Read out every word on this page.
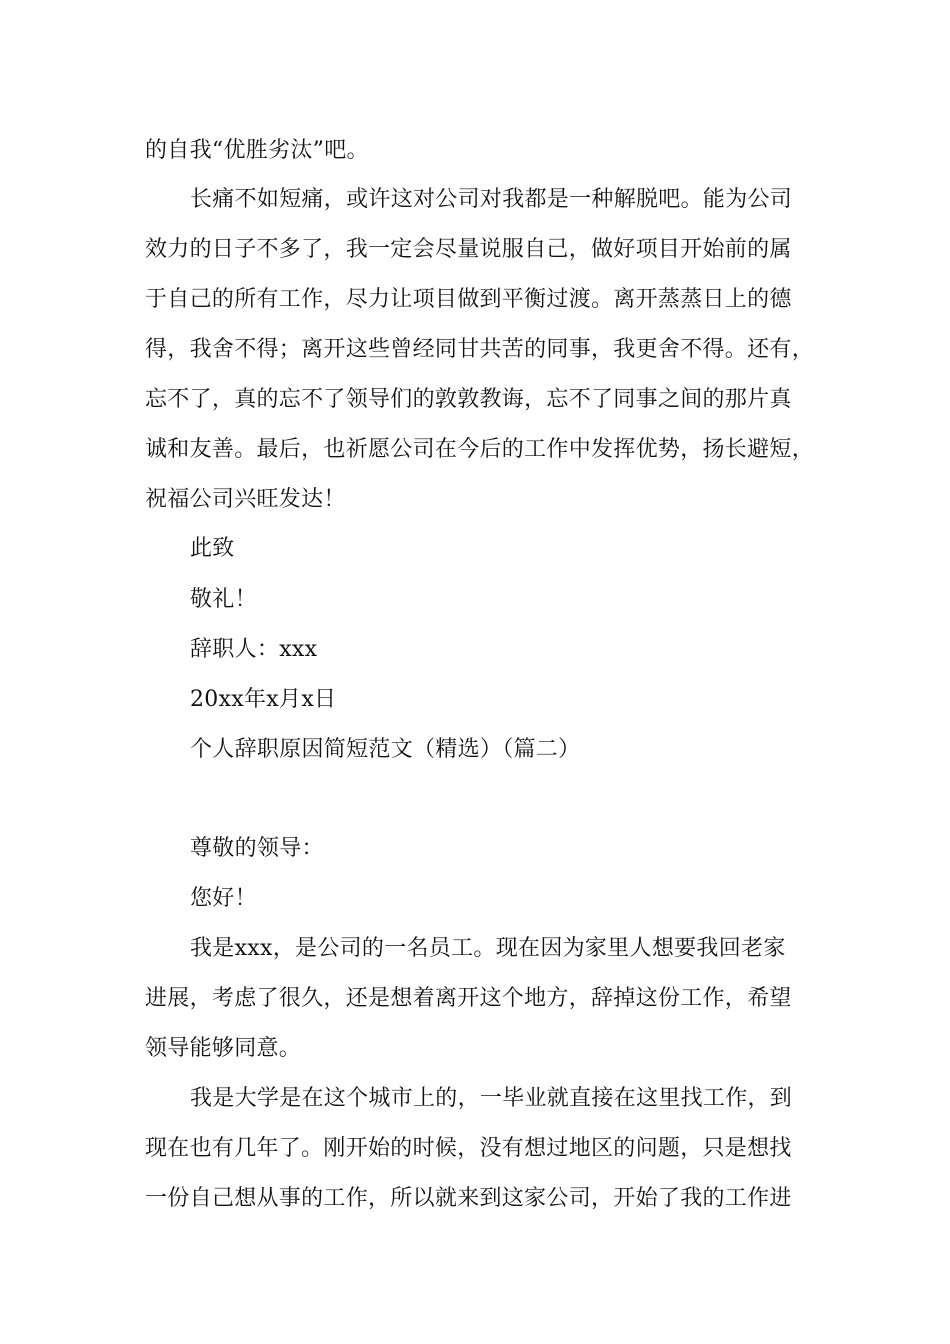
的自我“优胜劣汰”吧。
长痛不如短痛，或许这对公司对我都是一种解脱吧。能为公司
效力的日子不多了，我一定会尽量说服自己，做好项目开始前的属
于自己的所有工作，尽力让项目做到平衡过渡。离开蒸蒸日上的德
得，我舍不得；离开这些曾经同甘共苦的同事，我更舍不得。还有，
忘不了，真的忘不了领导们的敦敦教诲，忘不了同事之间的那片真
诚和友善。最后，也祈愿公司在今后的工作中发挥优势，扬长避短，
祝福公司兴旺发达！
此致
敬礼！
辞职人：xxx
20xx年x月x日
个人辞职原因简短范文（精选）（篇二）
尊敬的领导：
您好！
我是xxx，是公司的一名员工。现在因为家里人想要我回老家
进展，考虑了很久，还是想着离开这个地方，辞掉这份工作，希望
领导能够同意。
我是大学是在这个城市上的，一毕业就直接在这里找工作，到
现在也有几年了。刚开始的时候，没有想过地区的问题，只是想找
一份自己想从事的工作，所以就来到这家公司，开始了我的工作进
